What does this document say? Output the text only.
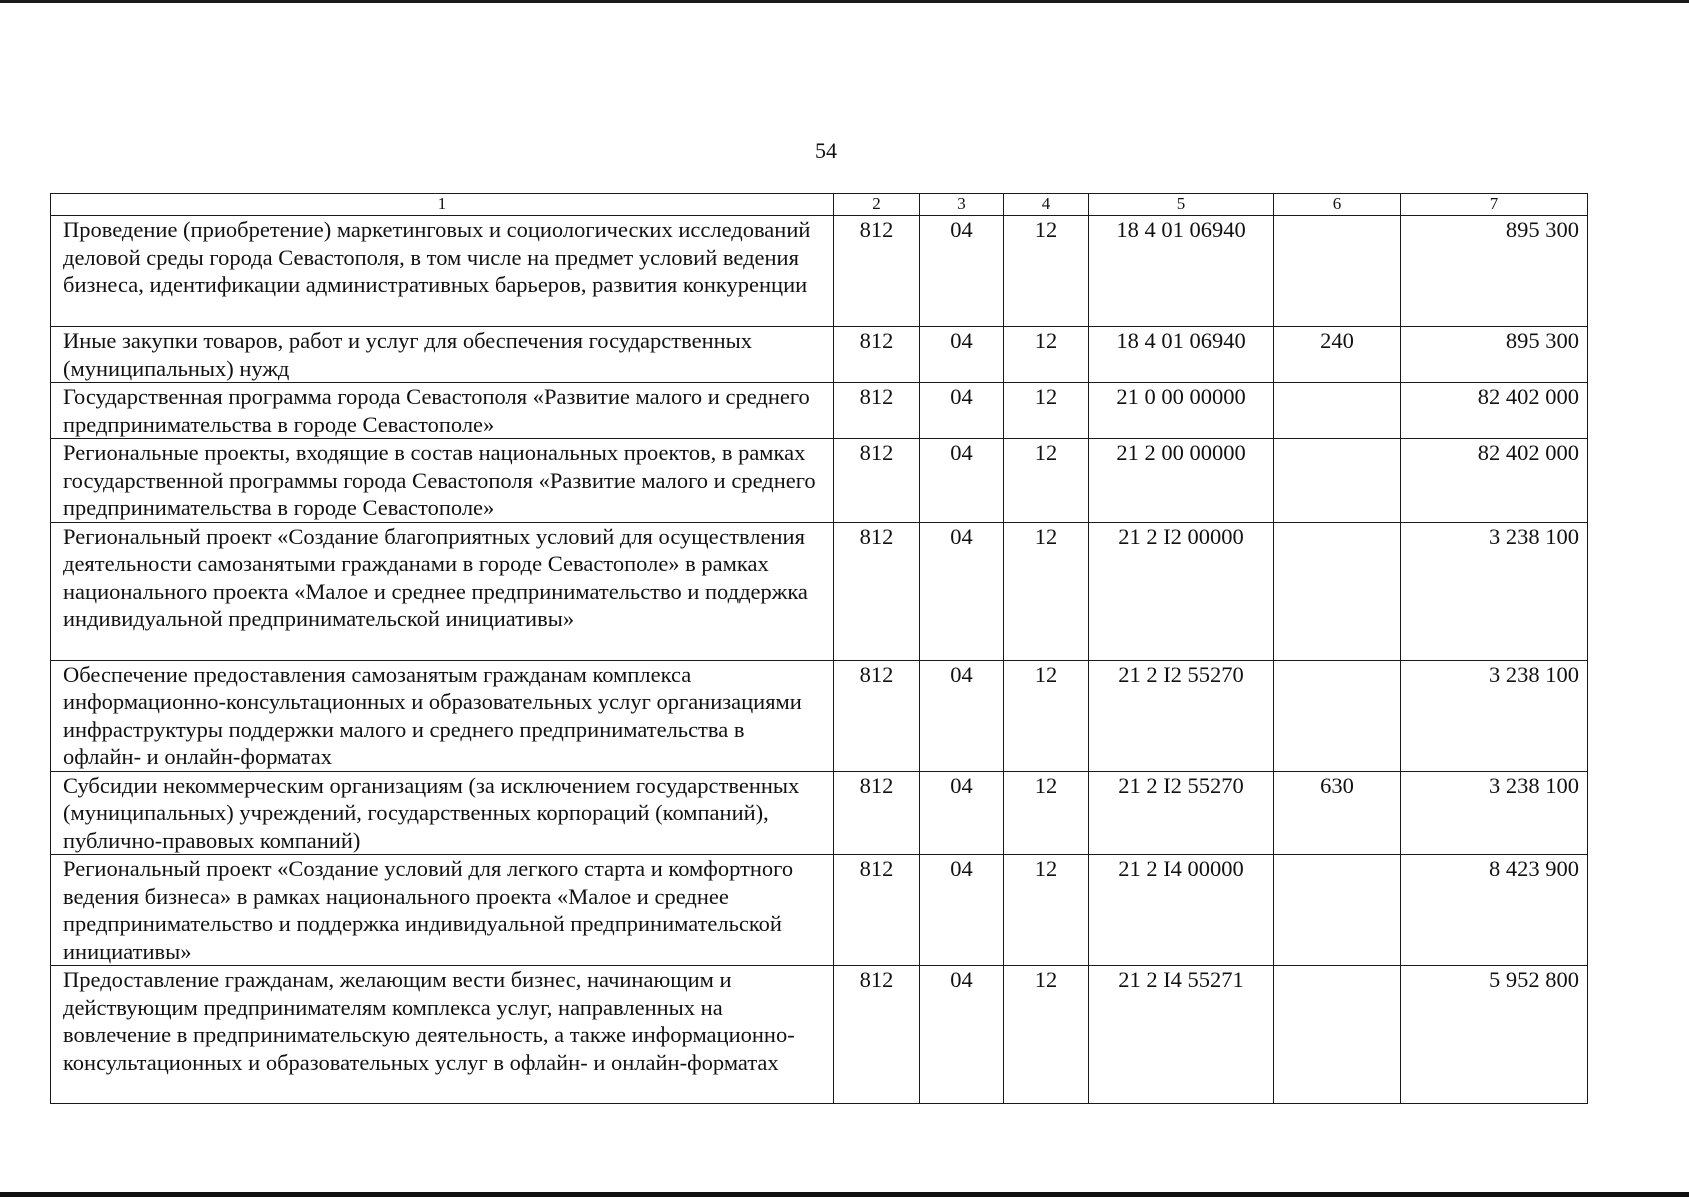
54
1	2	3	4	5	6	7
Проведение (приобретение) маркетинговых и социологических исследований деловой среды города Севастополя, в том числе на предмет условий ведения бизнеса, идентификации административных барьеров, развития конкуренции	812	04	12	18 4 01 06940		895 300
Иные закупки товаров, работ и услуг для обеспечения государственных (муниципальных) нужд	812	04	12	18 4 01 06940	240	895 300
Государственная программа города Севастополя «Развитие малого и среднего предпринимательства в городе Севастополе»	812	04	12	21 0 00 00000		82 402 000
Региональные проекты, входящие в состав национальных проектов, в рамках государственной программы города Севастополя «Развитие малого и среднего предпринимательства в городе Севастополе»	812	04	12	21 2 00 00000		82 402 000
Региональный проект «Создание благоприятных условий для осуществления деятельности самозанятыми гражданами в городе Севастополе» в рамках национального проекта «Малое и среднее предпринимательство и поддержка индивидуальной предпринимательской инициативы»	812	04	12	21 2 I2 00000		3 238 100
Обеспечение предоставления самозанятым гражданам комплекса информационно-консультационных и образовательных услуг организациями инфраструктуры поддержки малого и среднего предпринимательства в офлайн- и онлайн-форматах	812	04	12	21 2 I2 55270		3 238 100
Субсидии некоммерческим организациям (за исключением государственных (муниципальных) учреждений, государственных корпораций (компаний), публично-правовых компаний)	812	04	12	21 2 I2 55270	630	3 238 100
Региональный проект «Создание условий для легкого старта и комфортного ведения бизнеса» в рамках национального проекта «Малое и среднее предпринимательство и поддержка индивидуальной предпринимательской инициативы»	812	04	12	21 2 I4 00000		8 423 900
Предоставление гражданам, желающим вести бизнес, начинающим и действующим предпринимателям комплекса услуг, направленных на вовлечение в предпринимательскую деятельность, а также информационно-консультационных и образовательных услуг в офлайн- и онлайн-форматах	812	04	12	21 2 I4 55271		5 952 800
